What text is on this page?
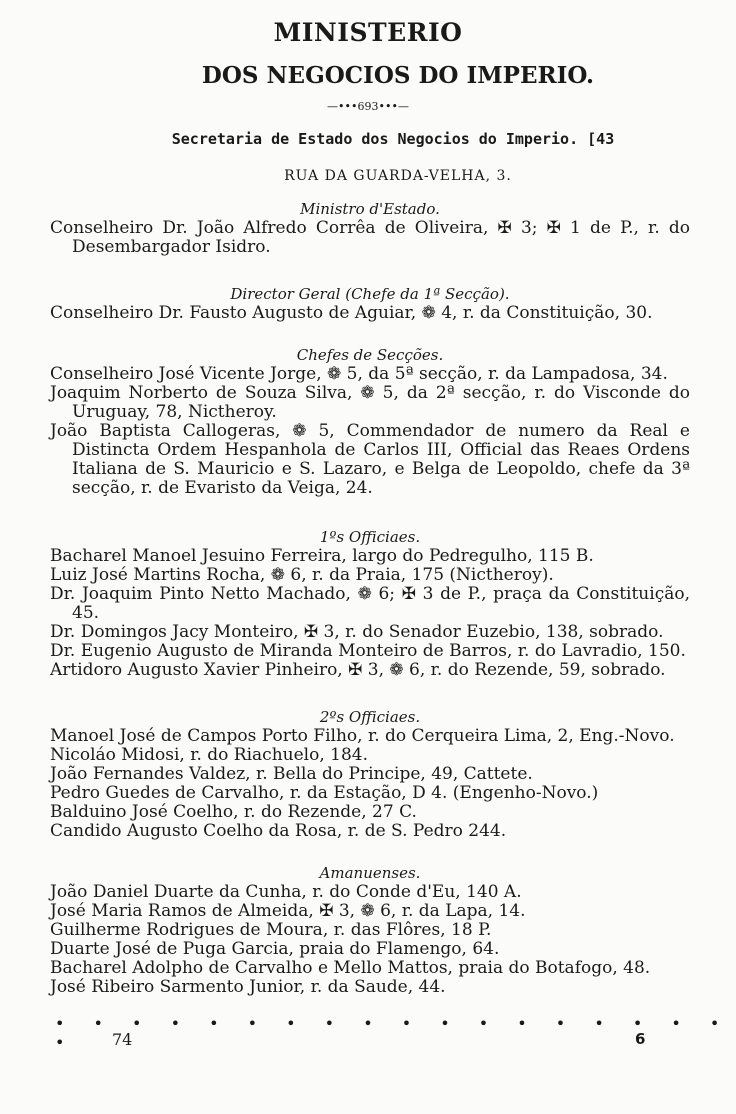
MINISTERIO
DOS NEGOCIOS DO IMPERIO.
—•••693•••—
Secretaria de Estado dos Negocios do Imperio. [43
RUA DA GUARDA-VELHA, 3.

Ministro d'Estado.

Conselheiro Dr. João Alfredo Corrêa de Oliveira, ✠ 3; ✠ 1 de P., r. do Desembargador Isidro.

Director Geral (Chefe da 1ª Secção).

Conselheiro Dr. Fausto Augusto de Aguiar, ❁ 4, r. da Constituição, 30.

Chefes de Secções.

Conselheiro José Vicente Jorge, ❁ 5, da 5ª secção, r. da Lampadosa, 34.

Joaquim Norberto de Souza Silva, ❁ 5, da 2ª secção, r. do Visconde do Uruguay, 78, Nictheroy.

João Baptista Callogeras, ❁ 5, Commendador de numero da Real e Distincta Ordem Hespanhola de Carlos III, Official das Reaes Ordens Italiana de S. Mauricio e S. Lazaro, e Belga de Leopoldo, chefe da 3ª secção, r. de Evaristo da Veiga, 24.

1ºs Officiaes.

Bacharel Manoel Jesuino Ferreira, largo do Pedregulho, 115 B.

Luiz José Martins Rocha, ❁ 6, r. da Praia, 175 (Nictheroy).

Dr. Joaquim Pinto Netto Machado, ❁ 6; ✠ 3 de P., praça da Constituição, 45.

Dr. Domingos Jacy Monteiro, ✠ 3, r. do Senador Euzebio, 138, sobrado.

Dr. Eugenio Augusto de Miranda Monteiro de Barros, r. do Lavradio, 150.

Artidoro Augusto Xavier Pinheiro, ✠ 3, ❁ 6, r. do Rezende, 59, sobrado.

2ºs Officiaes.

Manoel José de Campos Porto Filho, r. do Cerqueira Lima, 2, Eng.-Novo.

Nicoláo Midosi, r. do Riachuelo, 184.

João Fernandes Valdez, r. Bella do Principe, 49, Cattete.

Pedro Guedes de Carvalho, r. da Estação, D 4. (Engenho-Novo.)

Balduino José Coelho, r. do Rezende, 27 C.

Candido Augusto Coelho da Rosa, r. de S. Pedro 244.

Amanuenses.

João Daniel Duarte da Cunha, r. do Conde d'Eu, 140 A.

José Maria Ramos de Almeida, ✠ 3, ❁ 6, r. da Lapa, 14.

Guilherme Rodrigues de Moura, r. das Flôres, 18 P.

Duarte José de Puga Garcia, praia do Flamengo, 64.

Bacharel Adolpho de Carvalho e Mello Mattos, praia do Botafogo, 48.

José Ribeiro Sarmento Junior, r. da Saude, 44.

• • • • • • • • • • • • • • • • • • •	74	6
